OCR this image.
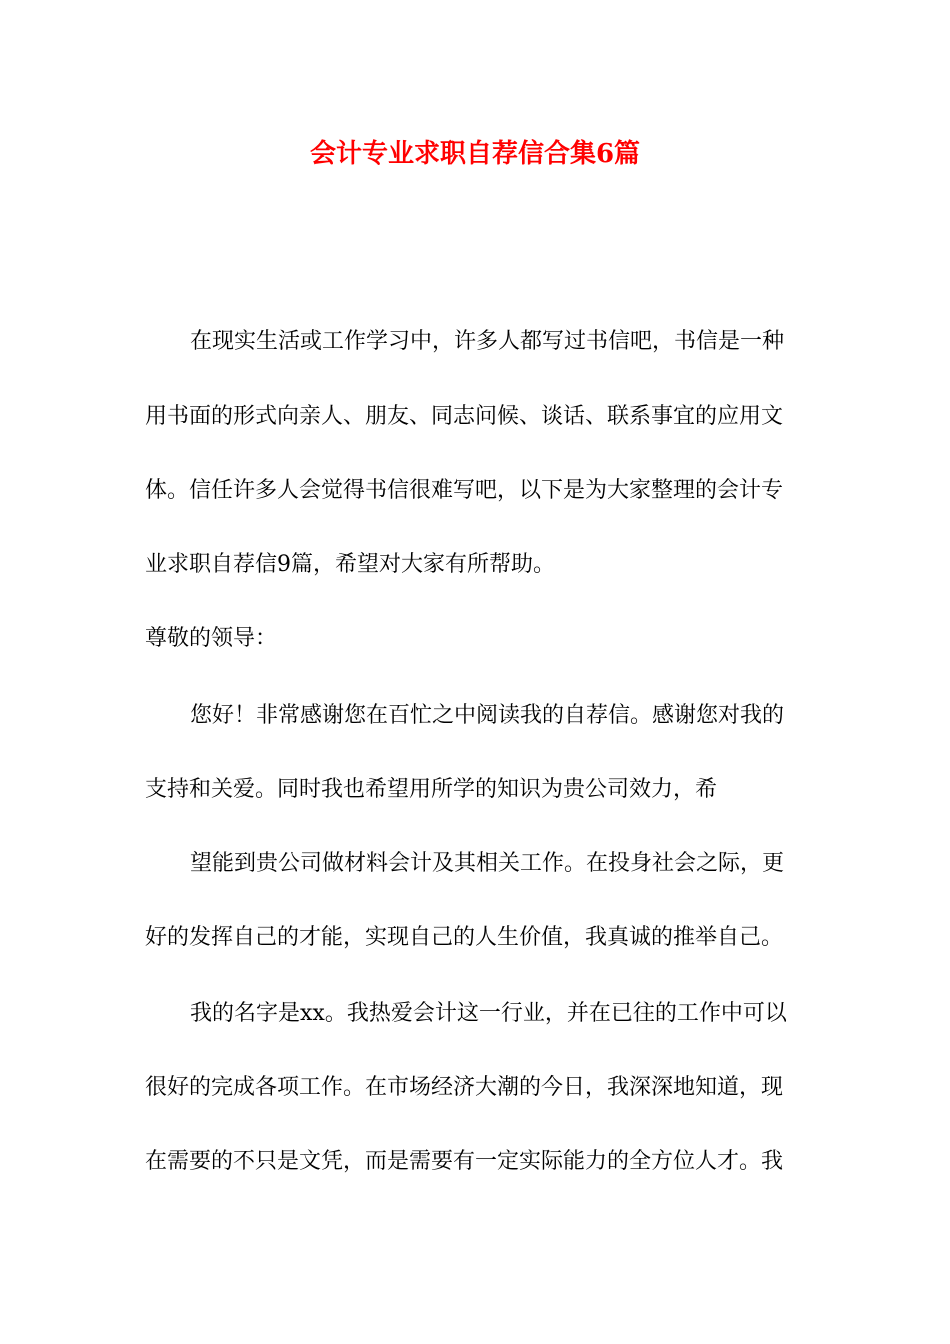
会计专业求职自荐信合集6篇
在现实生活或工作学习中，许多人都写过书信吧，书信是一种
用书面的形式向亲人、朋友、同志问候、谈话、联系事宜的应用文
体。信任许多人会觉得书信很难写吧，以下是为大家整理的会计专
业求职自荐信9篇，希望对大家有所帮助。
尊敬的领导：
您好！非常感谢您在百忙之中阅读我的自荐信。感谢您对我的
支持和关爱。同时我也希望用所学的知识为贵公司效力，希
望能到贵公司做材料会计及其相关工作。在投身社会之际，更
好的发挥自己的才能，实现自己的人生价值，我真诚的推举自己。
我的名字是xx。我热爱会计这一行业，并在已往的工作中可以
很好的完成各项工作。在市场经济大潮的今日，我深深地知道，现
在需要的不只是文凭，而是需要有一定实际能力的全方位人才。我
